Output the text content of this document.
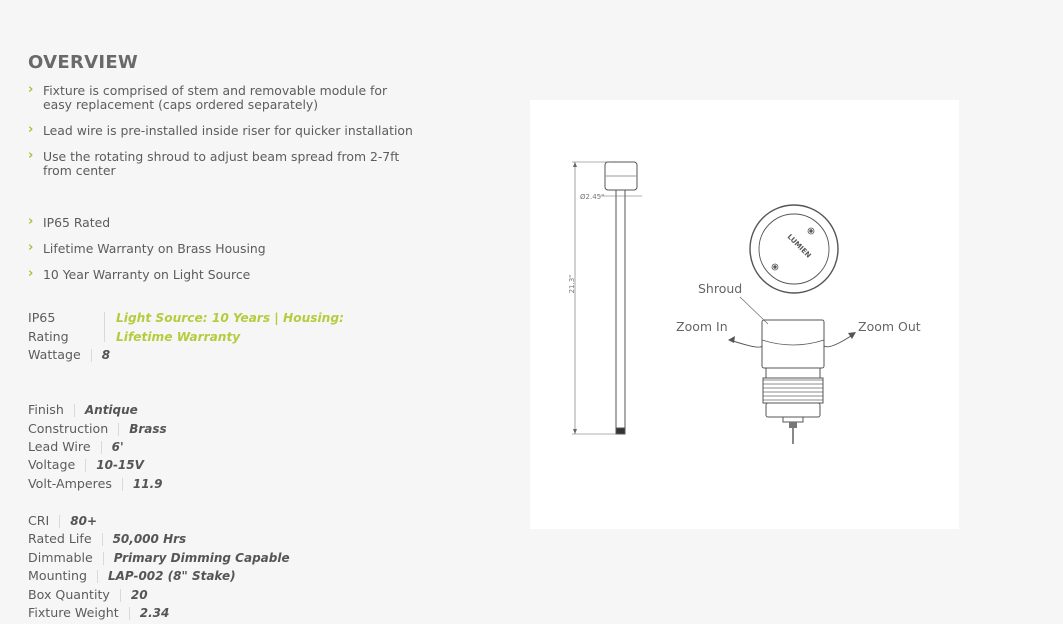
OVERVIEW
› Fixture is comprised of stem and removable module for easy replacement (caps ordered separately)
› Lead wire is pre-installed inside riser for quicker installation
› Use the rotating shroud to adjust beam spread from 2-7ft from center
› IP65 Rated
› Lifetime Warranty on Brass Housing
› 10 Year Warranty on Light Source
IP65 Rating
Light Source: 10 Years | Housing: Lifetime Warranty
Wattage 8
Finish Antique
Construction Brass
Lead Wire 6'
Voltage 10-15V
Volt-Amperes 11.9
CRI 80+
Rated Life 50,000 Hrs
Dimmable Primary Dimming Capable
Mounting LAP-002 (8" Stake)
Box Quantity 20
Fixture Weight 2.34
Ø2.45"
21.3"
LUMIEN
Shroud
Zoom In	Zoom Out
